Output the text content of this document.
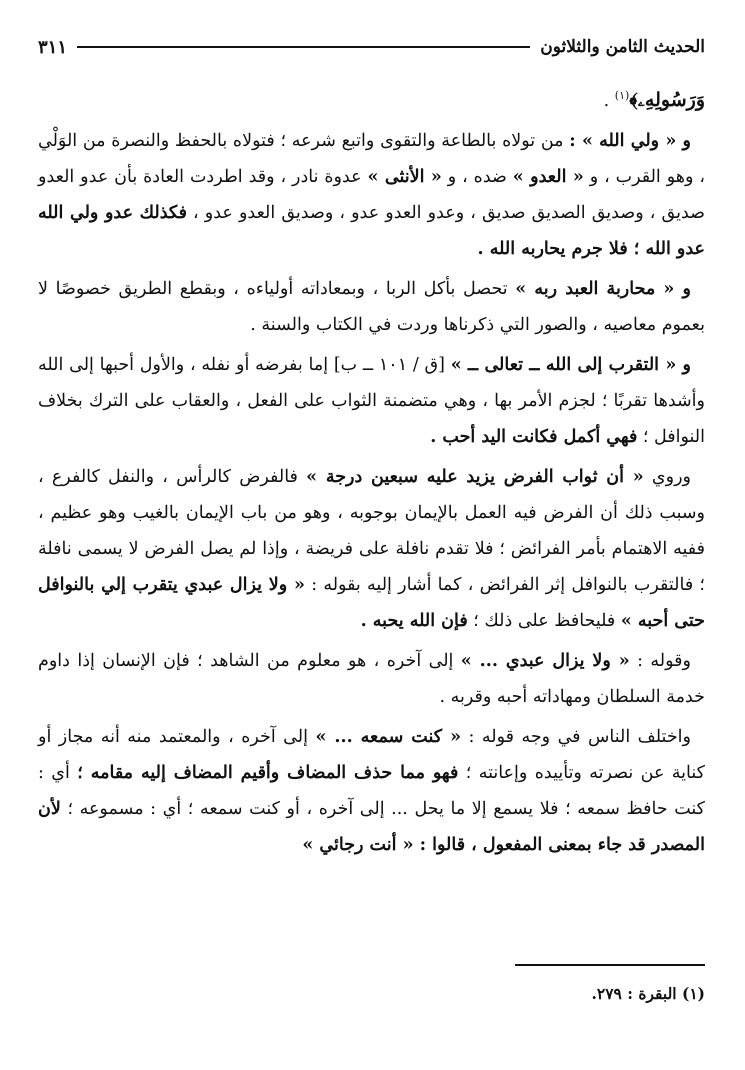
٣١١	الحديث الثامن والثلاثون

وَرَسُولِهِۦ﴾$^{(١)}$ .

و « ولي الله » : من تولاه بالطاعة والتقوى واتبع شرعه ؛ فتولاه بالحفظ والنصرة من الوَلْي ، وهو القرب ، و « العدو » ضده ، و « الأنثى » عدوة نادر ، وقد اطردت العادة بأن عدو العدو صديق ، وصديق الصديق صديق ، وعدو العدو عدو ، وصديق العدو عدو ، فكذلك عدو ولي الله عدو الله ؛ فلا جرم يحاربه الله .

و « محاربة العبد ربه » تحصل بأكل الربا ، وبمعاداته أولياءه ، وبقطع الطريق خصوصًا لا بعموم معاصيه ، والصور التي ذكرناها وردت في الكتاب والسنة .

و « التقرب إلى الله ــ تعالى ــ » [ق / ١٠١ ــ ب] إما بفرضه أو نفله ، والأول أحبها إلى الله وأشدها تقربًا ؛ لجزم الأمر بها ، وهي متضمنة الثواب على الفعل ، والعقاب على الترك بخلاف النوافل ؛ فهي أكمل فكانت اليد أحب .

وروي « أن ثواب الفرض يزيد عليه سبعين درجة » فالفرض كالرأس ، والنفل كالفرع ، وسبب ذلك أن الفرض فيه العمل بالإيمان بوجوبه ، وهو من باب الإيمان بالغيب وهو عظيم ، ففيه الاهتمام بأمر الفرائض ؛ فلا تقدم نافلة على فريضة ، وإذا لم يصل الفرض لا يسمى نافلة ؛ فالتقرب بالنوافل إثر الفرائض ، كما أشار إليه بقوله : « ولا يزال عبدي يتقرب إلي بالنوافل حتى أحبه » فليحافظ على ذلك ؛ فإن الله يحبه .

وقوله : « ولا يزال عبدي ... » إلى آخره ، هو معلوم من الشاهد ؛ فإن الإنسان إذا داوم خدمة السلطان ومهاداته أحبه وقربه .

واختلف الناس في وجه قوله : « كنت سمعه ... » إلى آخره ، والمعتمد منه أنه مجاز أو كناية عن نصرته وتأييده وإعانته ؛ فهو مما حذف المضاف وأقيم المضاف إليه مقامه ؛ أي : كنت حافظ سمعه ؛ فلا يسمع إلا ما يحل ... إلى آخره ، أو كنت سمعه ؛ أي : مسموعه ؛ لأن المصدر قد جاء بمعنى المفعول ، قالوا : « أنت رجائي »

(١) البقرة : ٢٧٩.
